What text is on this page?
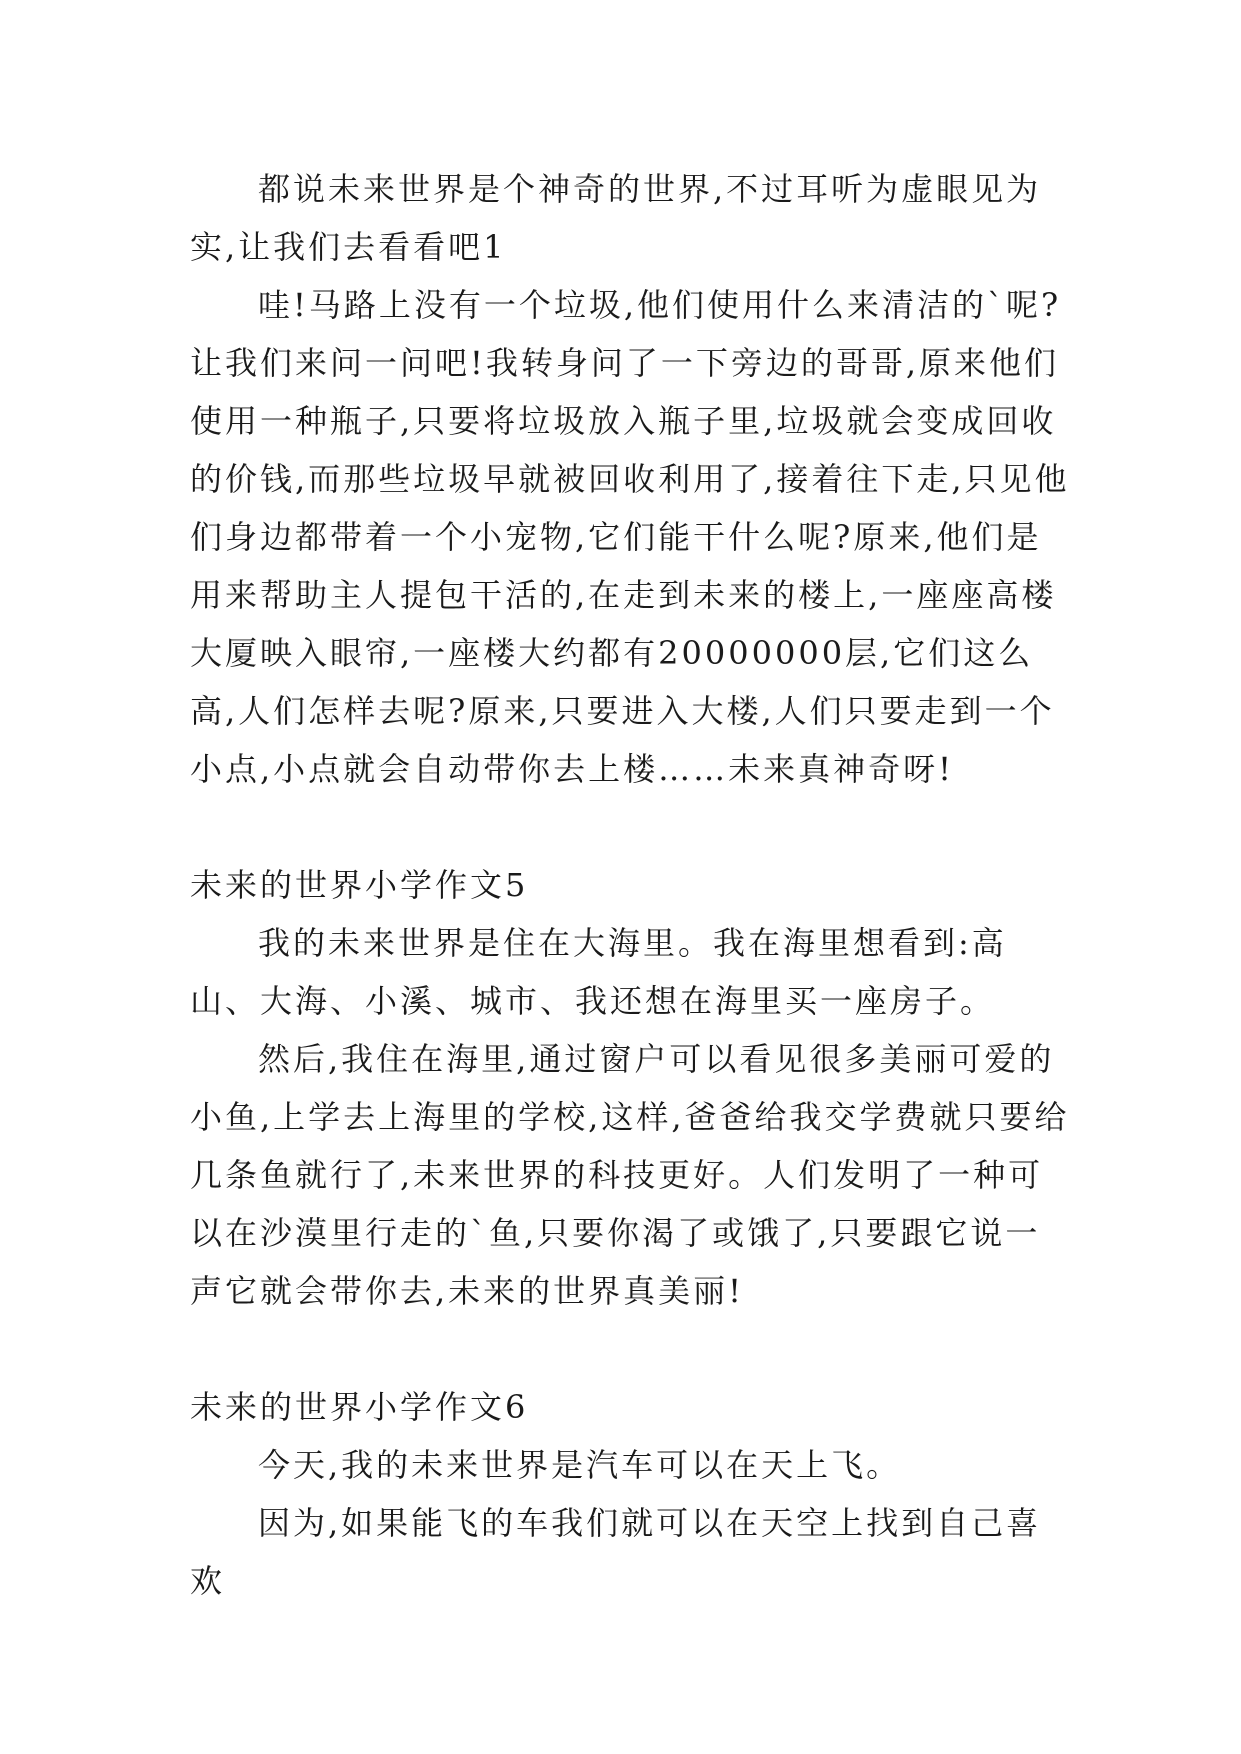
都说未来世界是个神奇的世界,不过耳听为虚眼见为实,让我们去看看吧1

哇!马路上没有一个垃圾,他们使用什么来清洁的`呢?让我们来问一问吧!我转身问了一下旁边的哥哥,原来他们使用一种瓶子,只要将垃圾放入瓶子里,垃圾就会变成回收的价钱,而那些垃圾早就被回收利用了,接着往下走,只见他们身边都带着一个小宠物,它们能干什么呢?原来,他们是用来帮助主人提包干活的,在走到未来的楼上,一座座高楼大厦映入眼帘,一座楼大约都有20000000层,它们这么高,人们怎样去呢?原来,只要进入大楼,人们只要走到一个小点,小点就会自动带你去上楼……未来真神奇呀!

未来的世界小学作文5

我的未来世界是住在大海里。我在海里想看到:高山、大海、小溪、城市、我还想在海里买一座房子。

然后,我住在海里,通过窗户可以看见很多美丽可爱的小鱼,上学去上海里的学校,这样,爸爸给我交学费就只要给几条鱼就行了,未来世界的科技更好。人们发明了一种可以在沙漠里行走的`鱼,只要你渴了或饿了,只要跟它说一声它就会带你去,未来的世界真美丽!

未来的世界小学作文6

今天,我的未来世界是汽车可以在天上飞。

因为,如果能飞的车我们就可以在天空上找到自己喜欢
